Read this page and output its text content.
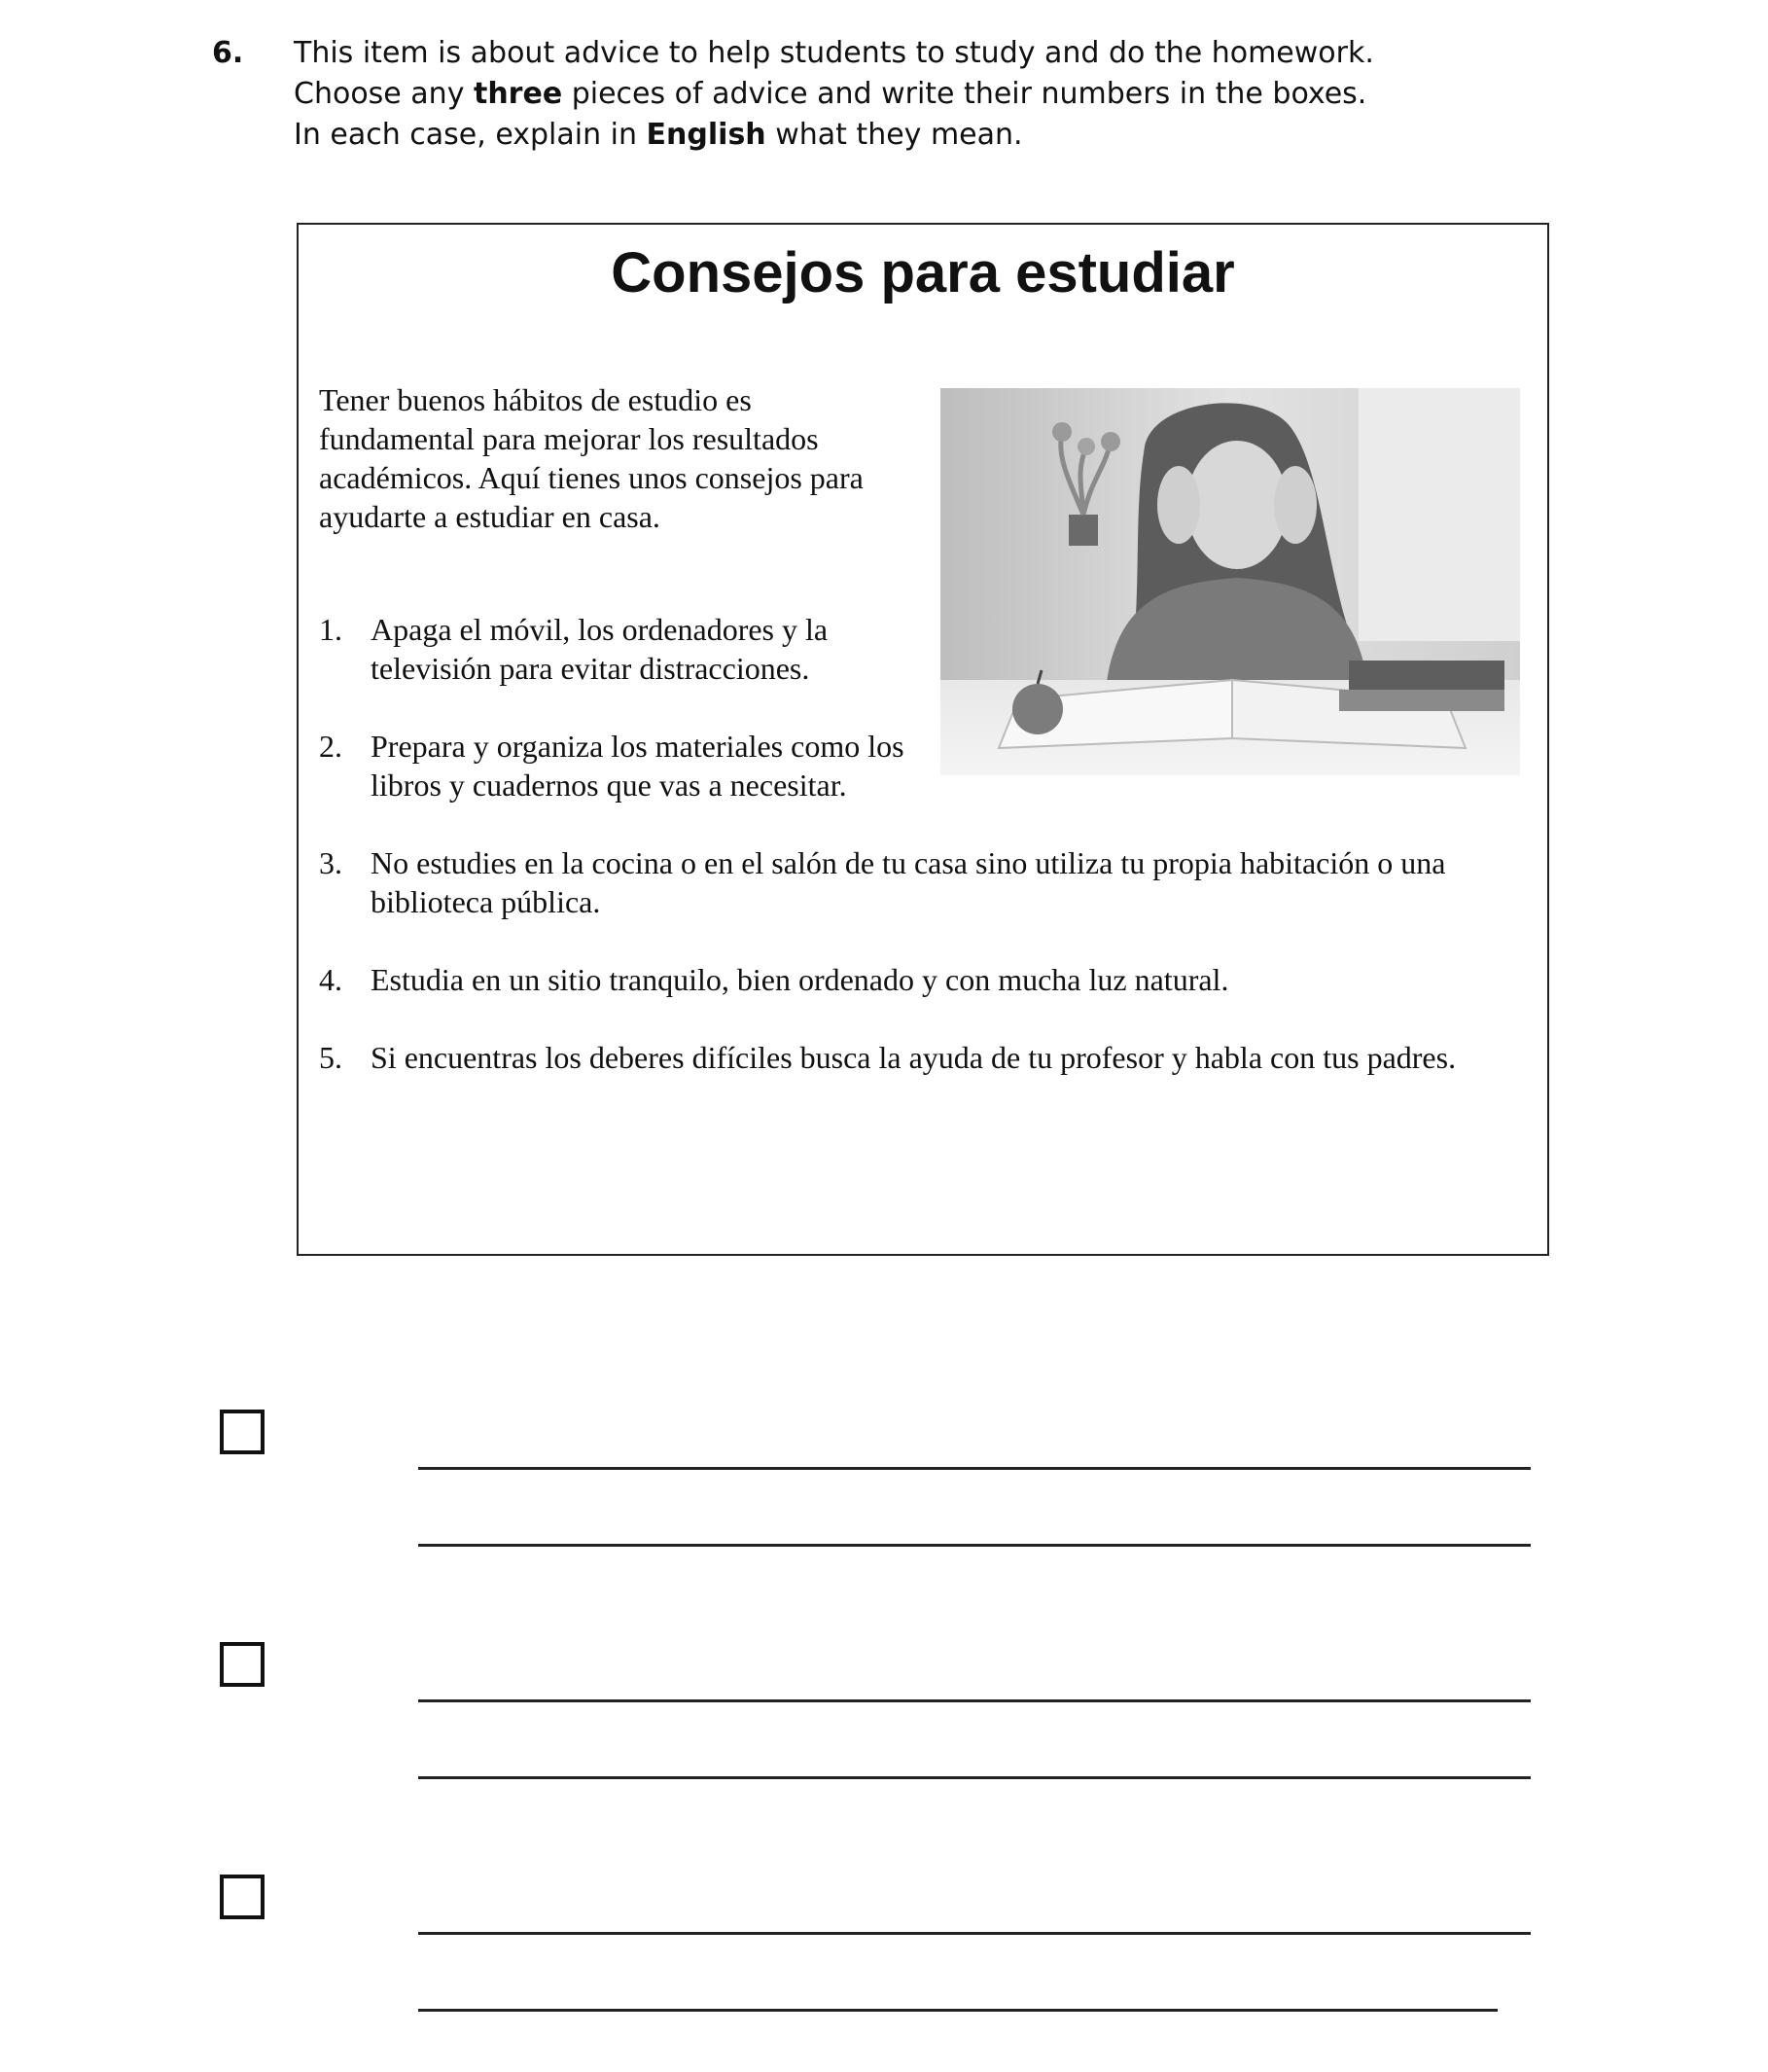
6. This item is about advice to help students to study and do the homework.
Choose any three pieces of advice and write their numbers in the boxes.
In each case, explain in English what they mean.
Consejos para estudiar
Tener buenos hábitos de estudio es fundamental para mejorar los resultados académicos. Aquí tienes unos consejos para ayudarte a estudiar en casa.
1. Apaga el móvil, los ordenadores y la televisión para evitar distracciones.
2. Prepara y organiza los materiales como los libros y cuadernos que vas a necesitar.
3. No estudies en la cocina o en el salón de tu casa sino utiliza tu propia habitación o una biblioteca pública.
4. Estudia en un sitio tranquilo, bien ordenado y con mucha luz natural.
5. Si encuentras los deberes difíciles busca la ayuda de tu profesor y habla con tus padres.
